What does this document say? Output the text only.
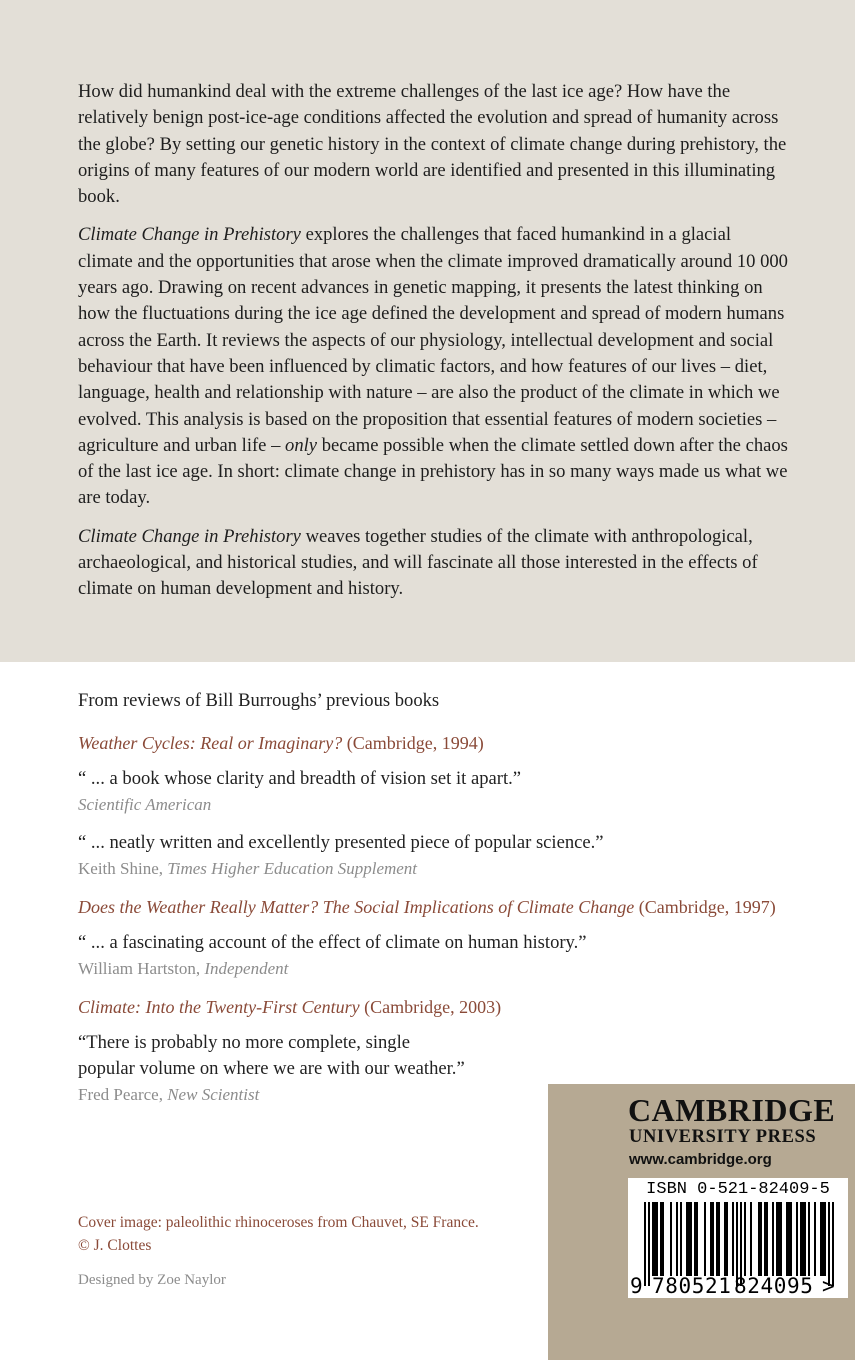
How did humankind deal with the extreme challenges of the last ice age? How have the relatively benign post-ice-age conditions affected the evolution and spread of humanity across the globe? By setting our genetic history in the context of climate change during prehistory, the origins of many features of our modern world are identified and presented in this illuminating book.

Climate Change in Prehistory explores the challenges that faced humankind in a glacial climate and the opportunities that arose when the climate improved dramatically around 10 000 years ago. Drawing on recent advances in genetic mapping, it presents the latest thinking on how the fluctuations during the ice age defined the development and spread of modern humans across the Earth. It reviews the aspects of our physiology, intellectual development and social behaviour that have been influenced by climatic factors, and how features of our lives – diet, language, health and relationship with nature – are also the product of the climate in which we evolved. This analysis is based on the proposition that essential features of modern societies – agriculture and urban life – only became possible when the climate settled down after the chaos of the last ice age. In short: climate change in prehistory has in so many ways made us what we are today.

Climate Change in Prehistory weaves together studies of the climate with anthropological, archaeological, and historical studies, and will fascinate all those interested in the effects of climate on human development and history.

From reviews of Bill Burroughs’ previous books

Weather Cycles: Real or Imaginary? (Cambridge, 1994)

“ ... a book whose clarity and breadth of vision set it apart.”

Scientific American

“ ... neatly written and excellently presented piece of popular science.”

Keith Shine, Times Higher Education Supplement

Does the Weather Really Matter? The Social Implications of Climate Change (Cambridge, 1997)

“ ... a fascinating account of the effect of climate on human history.”

William Hartston, Independent

Climate: Into the Twenty-First Century (Cambridge, 2003)

“There is probably no more complete, single

popular volume on where we are with our weather.”

Fred Pearce, New Scientist

Cover image: paleolithic rhinoceroses from Chauvet, SE France.

© J. Clottes

Designed by Zoe Naylor

CAMBRIDGE
UNIVERSITY PRESS
www.cambridge.org
ISBN 0-521-82409-5
9 780521 824095 >
